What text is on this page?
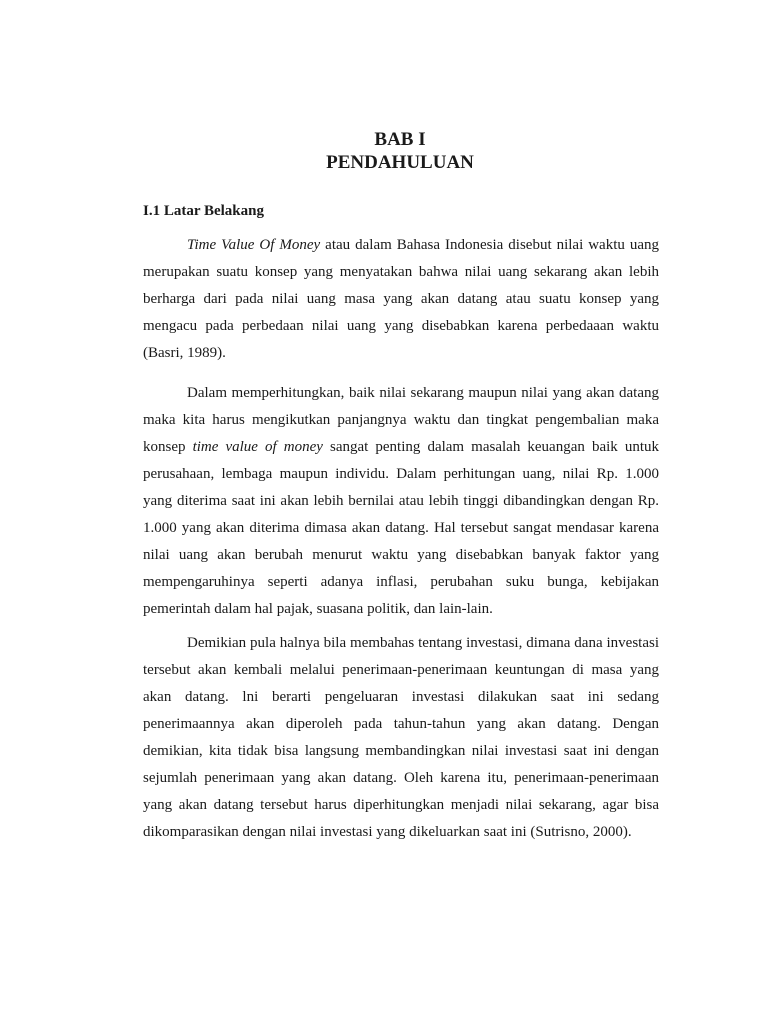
BAB I
PENDAHULUAN
I.1 Latar Belakang
Time Value Of Money atau dalam Bahasa Indonesia disebut nilai waktu uang
merupakan suatu konsep yang menyatakan bahwa nilai uang sekarang akan lebih
berharga dari pada nilai uang masa yang akan datang atau suatu konsep yang
mengacu pada perbedaan nilai uang yang disebabkan karena perbedaaan waktu
(Basri, 1989).
Dalam memperhitungkan, baik nilai sekarang maupun nilai yang akan datang
maka kita harus mengikutkan panjangnya waktu dan tingkat pengembalian maka
konsep time value of money sangat penting dalam masalah keuangan baik untuk
perusahaan, lembaga maupun individu. Dalam perhitungan uang, nilai Rp. 1.000
yang diterima saat ini akan lebih bernilai atau lebih tinggi dibandingkan dengan Rp.
1.000 yang akan diterima dimasa akan datang. Hal tersebut sangat mendasar karena
nilai uang akan berubah menurut waktu yang disebabkan banyak faktor yang
mempengaruhinya seperti adanya inflasi, perubahan suku bunga, kebijakan
pemerintah dalam hal pajak, suasana politik, dan lain-lain.
Demikian pula halnya bila membahas tentang investasi, dimana dana investasi
tersebut akan kembali melalui penerimaan-penerimaan keuntungan di masa yang
akan datang. lni berarti pengeluaran investasi dilakukan saat ini sedang
penerimaannya akan diperoleh pada tahun-tahun yang akan datang. Dengan
demikian, kita tidak bisa langsung membandingkan nilai investasi saat ini dengan
sejumlah penerimaan yang akan datang. Oleh karena itu, penerimaan-penerimaan
yang akan datang tersebut harus diperhitungkan menjadi nilai sekarang, agar bisa
dikomparasikan dengan nilai investasi yang dikeluarkan saat ini (Sutrisno, 2000).
